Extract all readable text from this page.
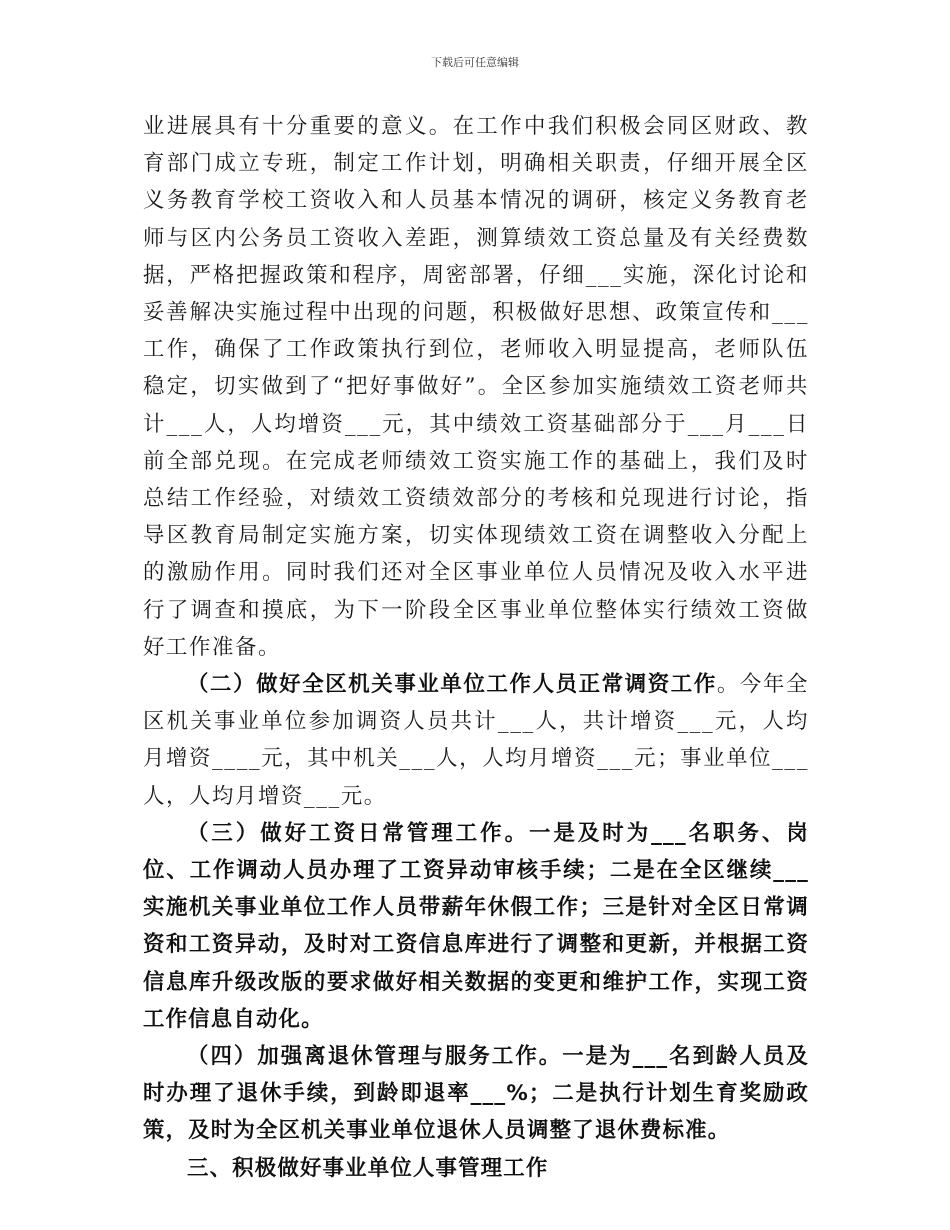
下载后可任意编辑

业进展具有十分重要的意义。在工作中我们积极会同区财政、教育部门成立专班，制定工作计划，明确相关职责，仔细开展全区义务教育学校工资收入和人员基本情况的调研，核定义务教育老师与区内公务员工资收入差距，测算绩效工资总量及有关经费数据，严格把握政策和程序，周密部署，仔细___实施，深化讨论和妥善解决实施过程中出现的问题，积极做好思想、政策宣传和___工作，确保了工作政策执行到位，老师收入明显提高，老师队伍稳定，切实做到了“把好事做好”。全区参加实施绩效工资老师共计___人，人均增资___元，其中绩效工资基础部分于___月___日前全部兑现。在完成老师绩效工资实施工作的基础上，我们及时总结工作经验，对绩效工资绩效部分的考核和兑现进行讨论，指导区教育局制定实施方案，切实体现绩效工资在调整收入分配上的激励作用。同时我们还对全区事业单位人员情况及收入水平进行了调查和摸底，为下一阶段全区事业单位整体实行绩效工资做好工作准备。

（二）做好全区机关事业单位工作人员正常调资工作。今年全区机关事业单位参加调资人员共计___人，共计增资___元，人均月增资____元，其中机关___人，人均月增资___元；事业单位___人，人均月增资___元。

（三）做好工资日常管理工作。一是及时为___名职务、岗位、工作调动人员办理了工资异动审核手续；二是在全区继续___实施机关事业单位工作人员带薪年休假工作；三是针对全区日常调资和工资异动，及时对工资信息库进行了调整和更新，并根据工资信息库升级改版的要求做好相关数据的变更和维护工作，实现工资工作信息自动化。

（四）加强离退休管理与服务工作。一是为___名到龄人员及时办理了退休手续，到龄即退率___%；二是执行计划生育奖励政策，及时为全区机关事业单位退休人员调整了退休费标准。

三、积极做好事业单位人事管理工作
